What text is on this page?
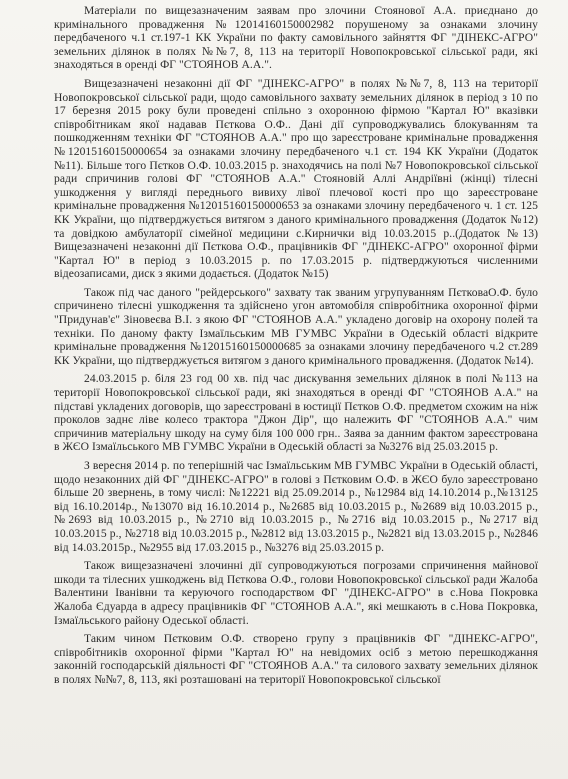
Матеріали по вищезазначеним заявам про злочини Стоянової А.А. приєднано до кримінального провадження №12014160150002982 порушеному за ознаками злочину передбаченого ч.1 ст.197-1 КК України по факту самовільного зайняття ФГ "ДІНЕКС-АГРО" земельних ділянок в полях №№7, 8, 113 на території Новопокровської сільської ради, які знаходяться в оренді ФГ "СТОЯНОВ А.А.".

Вищезазначені незаконні дії ФГ "ДІНЕКС-АГРО" в полях №№7, 8, 113 на території Новопокровської сільської ради, щодо самовільного захвату земельних ділянок в період з 10 по 17 березня 2015 року були проведені спільно з охоронною фірмою "Картал Ю" вказівки співробітникам якої надавав Пєткова О.Ф.. Дані дії супроводжувались блокуванням та пошкодженням техніки ФГ "СТОЯНОВ А.А." про що зареєстроване кримінальне провадження №12015160150000654 за ознаками злочину передбаченого ч.1 ст. 194 КК України (Додаток №11). Більше того Пєтков О.Ф. 10.03.2015 р. знаходячись на полі №7 Новопокровської сільської ради спричинив голові ФГ "СТОЯНОВ А.А." Стояновій Аллі Андріївні (жінці) тілесні ушкодження у вигляді переднього вивиху лівої плечової кості про що зареєстроване кримінальне провадження №12015160150000653 за ознаками злочину передбаченого ч. 1 ст. 125 КК України, що підтверджується витягом з даного кримінального провадження (Додаток №12) та довідкою амбулаторії сімейної медицини с.Кирнички від 10.03.2015 р..(Додаток №13) Вищезазначені незаконні дії Пєткова О.Ф., працівників ФГ "ДІНЕКС-АГРО" охоронної фірми "Картал Ю" в період з 10.03.2015 р. по 17.03.2015 р. підтверджуються численними відеозаписами, диск з якими додається. (Додаток №15)

Також під час даного "рейдерського" захвату так званим угрупуванням ПєтковаО.Ф. було спричинено тілесні ушкодження та здійснено угон автомобіля співробітника охоронної фірми "Придунав'є" Зіновеєва В.І. з якою ФГ "СТОЯНОВ А.А." укладено договір на охорону полей та техніки. По даному факту Ізмаїльським МВ ГУМВС України в Одеській області відкрите кримінальне провадження №12015160150000685 за ознаками злочину передбаченого ч.2 ст.289 КК України, що підтверджується витягом з даного кримінального провадження. (Додаток №14).

24.03.2015 р. біля 23 год 00 хв. під час дискування земельних ділянок в полі №113 на території Новопокровської сільської ради, які знаходяться в оренді ФГ "СТОЯНОВ А.А." на підставі укладених договорів, що зареєстровані в юстиції Пєтков О.Ф. предметом схожим на ніж проколов заднє ліве колесо трактора "Джон Дір", що належить ФГ "СТОЯНОВ А.А." чим спричинив матеріальну шкоду на суму біля 100 000 грн.. Заява за данним фактом зареєстрована в ЖЄО Ізмаїльського МВ ГУМВС України в Одеській області за №3276 від 25.03.2015 р.

З вересня 2014 р. по теперішній час Ізмаїльським МВ ГУМВС України в Одеській області, щодо незаконних дій ФГ "ДІНЕКС-АГРО" в голові з Пєтковим О.Ф. в ЖЄО було зареєстровано більше 20 звернень, в тому числі: №12221 від 25.09.2014 р., №12984 від 14.10.2014 р.,№13125 від 16.10.2014р., №13070 від 16.10.2014 р., №2685 від 10.03.2015 р., №2689 від 10.03.2015 р., №2693 від 10.03.2015 р., №2710 від 10.03.2015 р., №2716 від 10.03.2015 р., №2717 від 10.03.2015 р., №2718 від 10.03.2015 р., №2812 від 13.03.2015 р., №2821 від 13.03.2015 р., №2846 від 14.03.2015р., №2955 від 17.03.2015 р., №3276 від 25.03.2015 р.

Також вищезазначені злочинні дії супроводжуються погрозами спричинення майнової шкоди та тілесних ушкоджень від Пєткова О.Ф., голови Новопокровської сільської ради Жалоба Валентини Іванівни та керуючого господарством ФГ "ДІНЕКС-АГРО" в с.Нова Покровка Жалоба Єдуарда в адресу працівників ФГ "СТОЯНОВ А.А.", які мешкають в с.Нова Покровка, Ізмаїльського району Одеської області.

Таким чином Пєтковим О.Ф. створено групу з працівників ФГ "ДІНЕКС-АГРО", співробітників охоронної фірми "Картал Ю" на невідомих осіб з метою перешкоджання законній господарській діяльності ФГ "СТОЯНОВ А.А." та силового захвату земельних ділянок в полях №№7, 8, 113, які розташовані на території Новопокровської сільської
